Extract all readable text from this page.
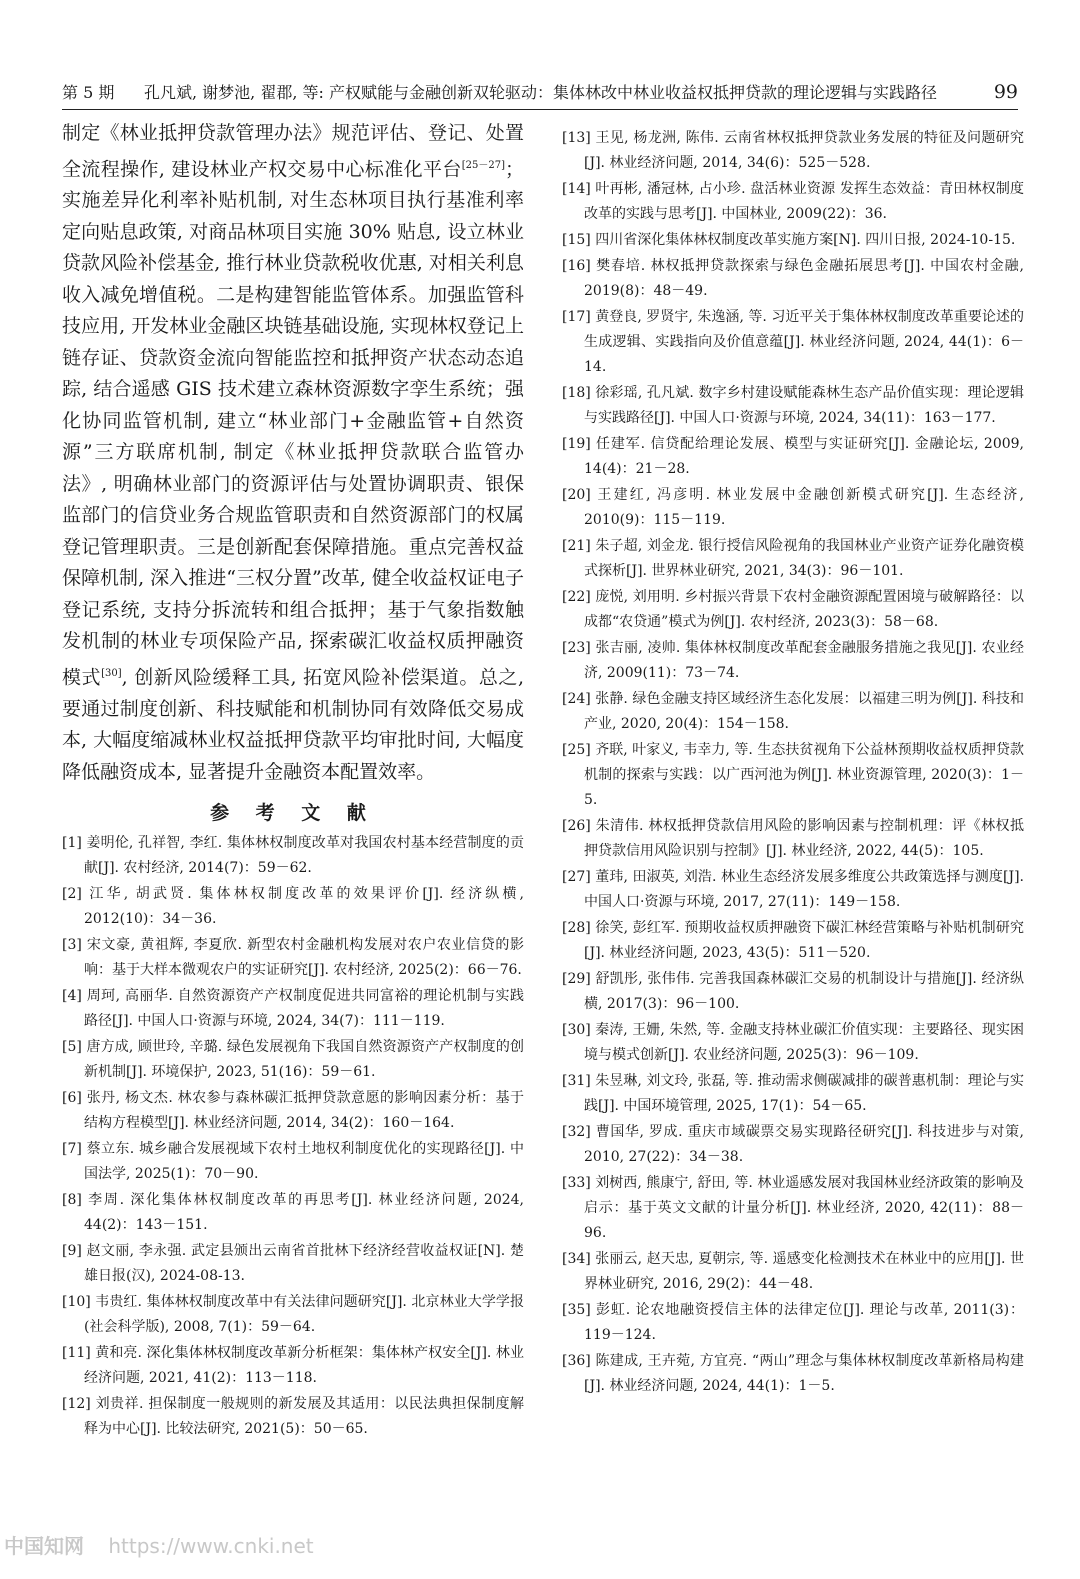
第 5 期	孔凡斌, 谢梦池, 翟郡, 等: 产权赋能与金融创新双轮驱动：集体林改中林业收益权抵押贷款的理论逻辑与实践路径	99

制定《林业抵押贷款管理办法》规范评估、登记、处置全流程操作, 建设林业产权交易中心标准化平台[25－27]；实施差异化利率补贴机制, 对生态林项目执行基准利率定向贴息政策, 对商品林项目实施 30% 贴息, 设立林业贷款风险补偿基金, 推行林业贷款税收优惠, 对相关利息收入减免增值税。二是构建智能监管体系。加强监管科技应用, 开发林业金融区块链基础设施, 实现林权登记上链存证、贷款资金流向智能监控和抵押资产状态动态追踪, 结合遥感 GIS 技术建立森林资源数字孪生系统；强化协同监管机制, 建立“林业部门+金融监管+自然资源”三方联席机制, 制定《林业抵押贷款联合监管办法》, 明确林业部门的资源评估与处置协调职责、银保监部门的信贷业务合规监管职责和自然资源部门的权属登记管理职责。三是创新配套保障措施。重点完善权益保障机制, 深入推进“三权分置”改革, 健全收益权证电子登记系统, 支持分拆流转和组合抵押；基于气象指数触发机制的林业专项保险产品, 探索碳汇收益权质押融资模式[30], 创新风险缓释工具, 拓宽风险补偿渠道。总之, 要通过制度创新、科技赋能和机制协同有效降低交易成本, 大幅度缩减林业权益抵押贷款平均审批时间, 大幅度降低融资成本, 显著提升金融资本配置效率。

参 考 文 献

[1] 姜明伦, 孔祥智, 李红. 集体林权制度改革对我国农村基本经营制度的贡献[J]. 农村经济, 2014(7)：59－62.

[2] 江华, 胡武贤. 集体林权制度改革的效果评价[J]. 经济纵横, 2012(10)：34－36.

[3] 宋文豪, 黄祖辉, 李夏欣. 新型农村金融机构发展对农户农业信贷的影响：基于大样本微观农户的实证研究[J]. 农村经济, 2025(2)：66－76.

[4] 周珂, 高丽华. 自然资源资产产权制度促进共同富裕的理论机制与实践路径[J]. 中国人口·资源与环境, 2024, 34(7)：111－119.

[5] 唐方成, 顾世玲, 辛璐. 绿色发展视角下我国自然资源资产产权制度的创新机制[J]. 环境保护, 2023, 51(16)：59－61.

[6] 张丹, 杨文杰. 林农参与森林碳汇抵押贷款意愿的影响因素分析：基于结构方程模型[J]. 林业经济问题, 2014, 34(2)：160－164.

[7] 蔡立东. 城乡融合发展视域下农村土地权利制度优化的实现路径[J]. 中国法学, 2025(1)：70－90.

[8] 李周. 深化集体林权制度改革的再思考[J]. 林业经济问题, 2024, 44(2)：143－151.

[9] 赵文丽, 李永强. 武定县颁出云南省首批林下经济经营收益权证[N]. 楚雄日报(汉), 2024-08-13.

[10] 韦贵红. 集体林权制度改革中有关法律问题研究[J]. 北京林业大学学报(社会科学版), 2008, 7(1)：59－64.

[11] 黄和亮. 深化集体林权制度改革新分析框架：集体林产权安全[J]. 林业经济问题, 2021, 41(2)：113－118.

[12] 刘贵祥. 担保制度一般规则的新发展及其适用：以民法典担保制度解释为中心[J]. 比较法研究, 2021(5)：50－65.

[13] 王见, 杨龙洲, 陈伟. 云南省林权抵押贷款业务发展的特征及问题研究[J]. 林业经济问题, 2014, 34(6)：525－528.

[14] 叶再彬, 潘冠林, 占小珍. 盘活林业资源 发挥生态效益：青田林权制度改革的实践与思考[J]. 中国林业, 2009(22)：36.

[15] 四川省深化集体林权制度改革实施方案[N]. 四川日报, 2024-10-15.

[16] 樊春培. 林权抵押贷款探索与绿色金融拓展思考[J]. 中国农村金融, 2019(8)：48－49.

[17] 黄登良, 罗贤宇, 朱逸涵, 等. 习近平关于集体林权制度改革重要论述的生成逻辑、实践指向及价值意蕴[J]. 林业经济问题, 2024, 44(1)：6－14.

[18] 徐彩瑶, 孔凡斌. 数字乡村建设赋能森林生态产品价值实现：理论逻辑与实践路径[J]. 中国人口·资源与环境, 2024, 34(11)：163－177.

[19] 任建军. 信贷配给理论发展、模型与实证研究[J]. 金融论坛, 2009, 14(4)：21－28.

[20] 王建红, 冯彦明. 林业发展中金融创新模式研究[J]. 生态经济, 2010(9)：115－119.

[21] 朱子超, 刘金龙. 银行授信风险视角的我国林业产业资产证券化融资模式探析[J]. 世界林业研究, 2021, 34(3)：96－101.

[22] 庞悦, 刘用明. 乡村振兴背景下农村金融资源配置困境与破解路径：以成都“农贷通”模式为例[J]. 农村经济, 2023(3)：58－68.

[23] 张吉丽, 凌帅. 集体林权制度改革配套金融服务措施之我见[J]. 农业经济, 2009(11)：73－74.

[24] 张静. 绿色金融支持区域经济生态化发展：以福建三明为例[J]. 科技和产业, 2020, 20(4)：154－158.

[25] 齐联, 叶家义, 韦幸力, 等. 生态扶贫视角下公益林预期收益权质押贷款机制的探索与实践：以广西河池为例[J]. 林业资源管理, 2020(3)：1－5.

[26] 朱清伟. 林权抵押贷款信用风险的影响因素与控制机理：评《林权抵押贷款信用风险识别与控制》[J]. 林业经济, 2022, 44(5)：105.

[27] 董玮, 田淑英, 刘浩. 林业生态经济发展多维度公共政策选择与测度[J]. 中国人口·资源与环境, 2017, 27(11)：149－158.

[28] 徐笑, 彭红军. 预期收益权质押融资下碳汇林经营策略与补贴机制研究[J]. 林业经济问题, 2023, 43(5)：511－520.

[29] 舒凯彤, 张伟伟. 完善我国森林碳汇交易的机制设计与措施[J]. 经济纵横, 2017(3)：96－100.

[30] 秦涛, 王姗, 朱然, 等. 金融支持林业碳汇价值实现：主要路径、现实困境与模式创新[J]. 农业经济问题, 2025(3)：96－109.

[31] 朱昱琳, 刘文玲, 张磊, 等. 推动需求侧碳减排的碳普惠机制：理论与实践[J]. 中国环境管理, 2025, 17(1)：54－65.

[32] 曹国华, 罗成. 重庆市域碳票交易实现路径研究[J]. 科技进步与对策, 2010, 27(22)：34－38.

[33] 刘树西, 熊康宁, 舒田, 等. 林业遥感发展对我国林业经济政策的影响及启示：基于英文文献的计量分析[J]. 林业经济, 2020, 42(11)：88－96.

[34] 张丽云, 赵天忠, 夏朝宗, 等. 遥感变化检测技术在林业中的应用[J]. 世界林业研究, 2016, 29(2)：44－48.

[35] 彭虹. 论农地融资授信主体的法律定位[J]. 理论与改革, 2011(3)：119－124.

[36] 陈建成, 王卉菀, 方宜亮. “两山”理念与集体林权制度改革新格局构建[J]. 林业经济问题, 2024, 44(1)：1－5.

中国知网 https://www.cnki.net
